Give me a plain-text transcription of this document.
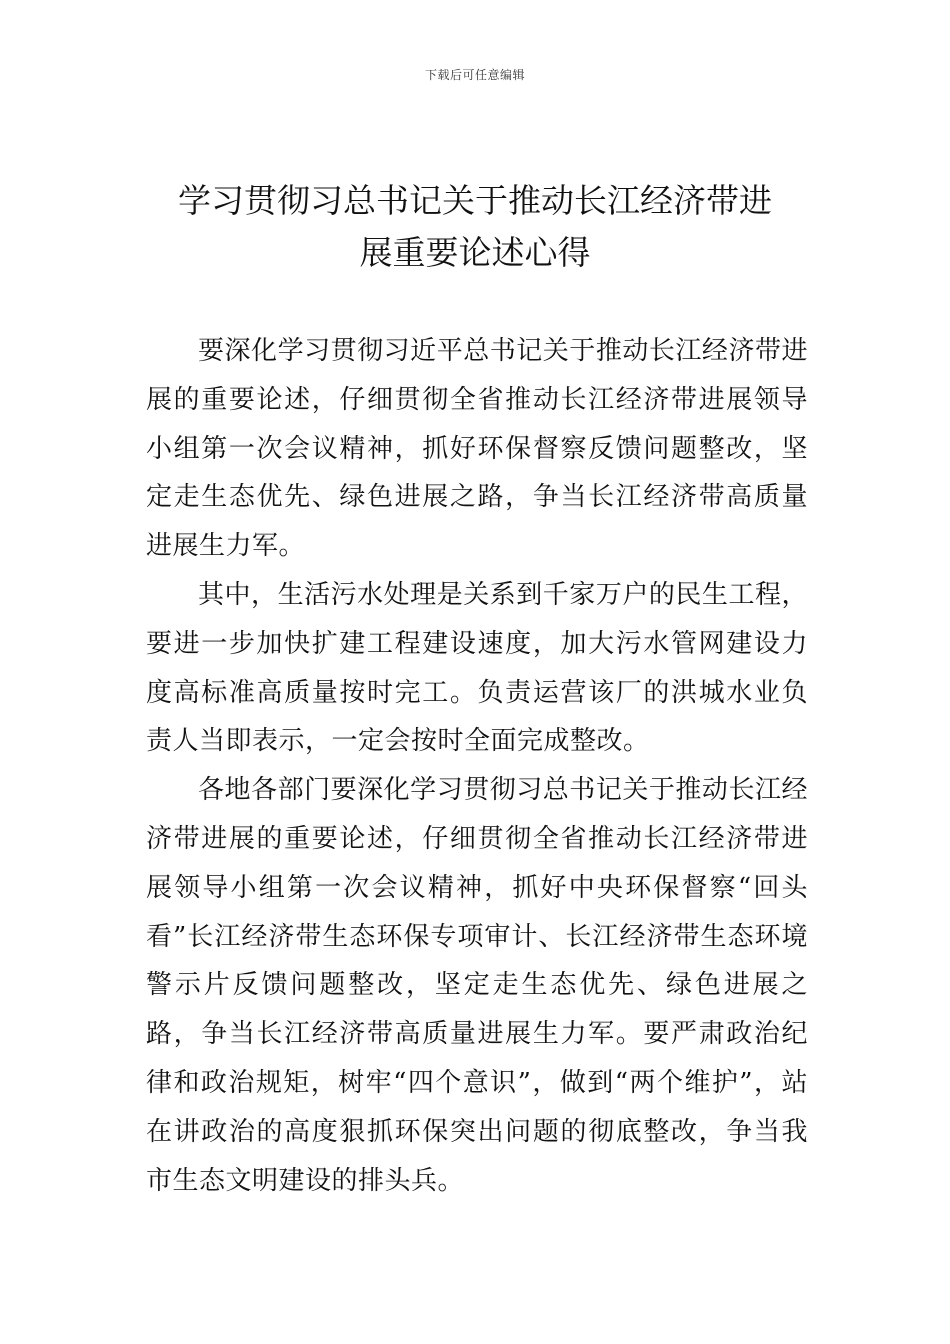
下载后可任意编辑
学习贯彻习总书记关于推动长江经济带进
展重要论述心得

要深化学习贯彻习近平总书记关于推动长江经济带进展的重要论述，仔细贯彻全省推动长江经济带进展领导小组第一次会议精神，抓好环保督察反馈问题整改，坚定走生态优先、绿色进展之路，争当长江经济带高质量进展生力军。

其中，生活污水处理是关系到千家万户的民生工程，要进一步加快扩建工程建设速度，加大污水管网建设力度高标准高质量按时完工。负责运营该厂的洪城水业负责人当即表示，一定会按时全面完成整改。

各地各部门要深化学习贯彻习总书记关于推动长江经济带进展的重要论述，仔细贯彻全省推动长江经济带进展领导小组第一次会议精神，抓好中央环保督察“回头看”长江经济带生态环保专项审计、长江经济带生态环境警示片反馈问题整改，坚定走生态优先、绿色进展之路，争当长江经济带高质量进展生力军。要严肃政治纪律和政治规矩，树牢“四个意识”，做到“两个维护”，站在讲政治的高度狠抓环保突出问题的彻底整改，争当我市生态文明建设的排头兵。
